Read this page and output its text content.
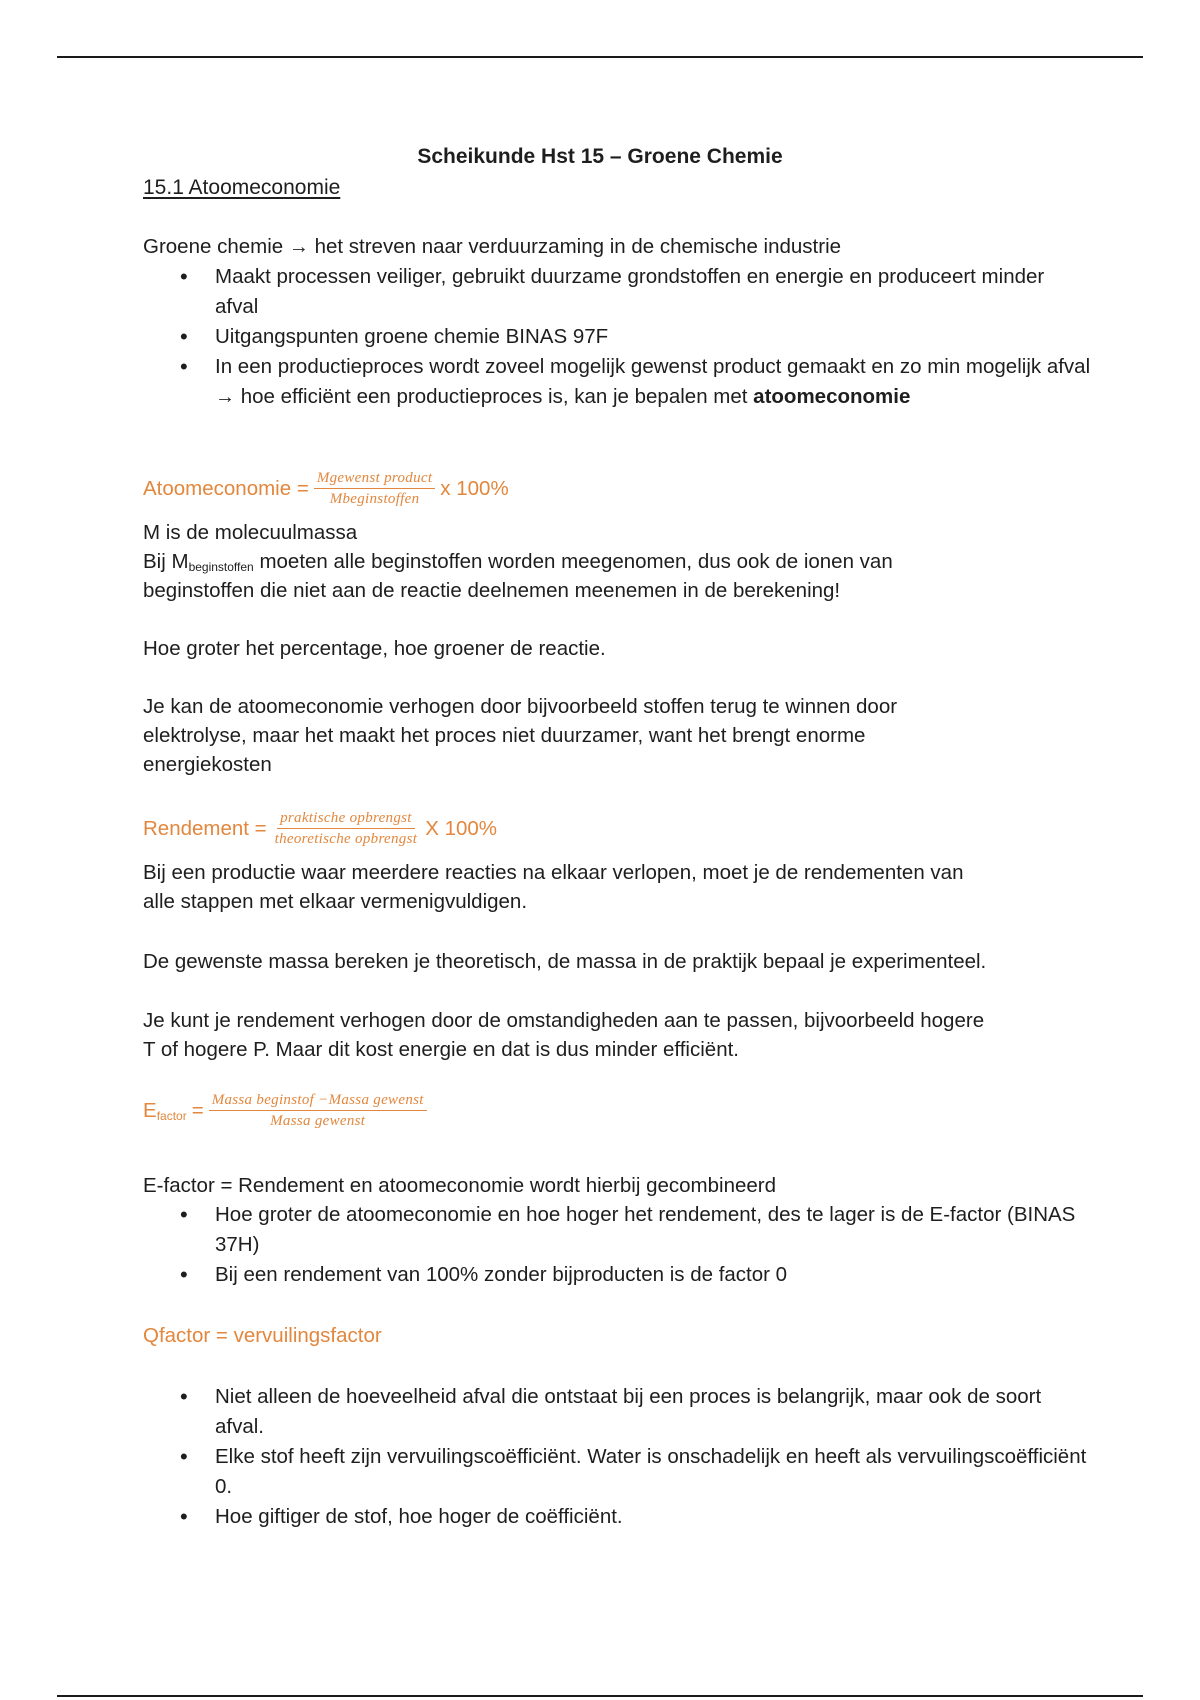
Scheikunde Hst 15 – Groene Chemie
15.1 Atoomeconomie
Groene chemie → het streven naar verduurzaming in de chemische industrie
• Maakt processen veiliger, gebruikt duurzame grondstoffen en energie en produceert minder afval
• Uitgangspunten groene chemie BINAS 97F
• In een productieproces wordt zoveel mogelijk gewenst product gemaakt en zo min mogelijk afval → hoe efficiënt een productieproces is, kan je bepalen met atoomeconomie
Atoomeconomie = $\frac{\text{Mgewenst product}}{\text{Mbeginstoffen}}$ x 100%
M is de molecuulmassa
Bij $M_{beginstoffen}$ moeten alle beginstoffen worden meegenomen, dus ook de ionen van
beginstoffen die niet aan de reactie deelnemen meenemen in de berekening!
Hoe groter het percentage, hoe groener de reactie.
Je kan de atoomeconomie verhogen door bijvoorbeeld stoffen terug te winnen door
elektrolyse, maar het maakt het proces niet duurzamer, want het brengt enorme
energiekosten
Rendement = $\frac{\text{praktische opbrengst}}{\text{theoretische opbrengst}}$ X 100%
Bij een productie waar meerdere reacties na elkaar verlopen, moet je de rendementen van
alle stappen met elkaar vermenigvuldigen.
De gewenste massa bereken je theoretisch, de massa in de praktijk bepaal je experimenteel.
Je kunt je rendement verhogen door de omstandigheden aan te passen, bijvoorbeeld hogere
T of hogere P. Maar dit kost energie en dat is dus minder efficiënt.
$E_{factor} = \frac{\text{Massa beginstof −Massa gewenst}}{\text{Massa gewenst}}$
E-factor = Rendement en atoomeconomie wordt hierbij gecombineerd
• Hoe groter de atoomeconomie en hoe hoger het rendement, des te lager is de E-factor (BINAS 37H)
• Bij een rendement van 100% zonder bijproducten is de factor 0
Qfactor = vervuilingsfactor
• Niet alleen de hoeveelheid afval die ontstaat bij een proces is belangrijk, maar ook de soort afval.
• Elke stof heeft zijn vervuilingscoëfficiënt. Water is onschadelijk en heeft als vervuilingscoëfficiënt 0.
• Hoe giftiger de stof, hoe hoger de coëfficiënt.
